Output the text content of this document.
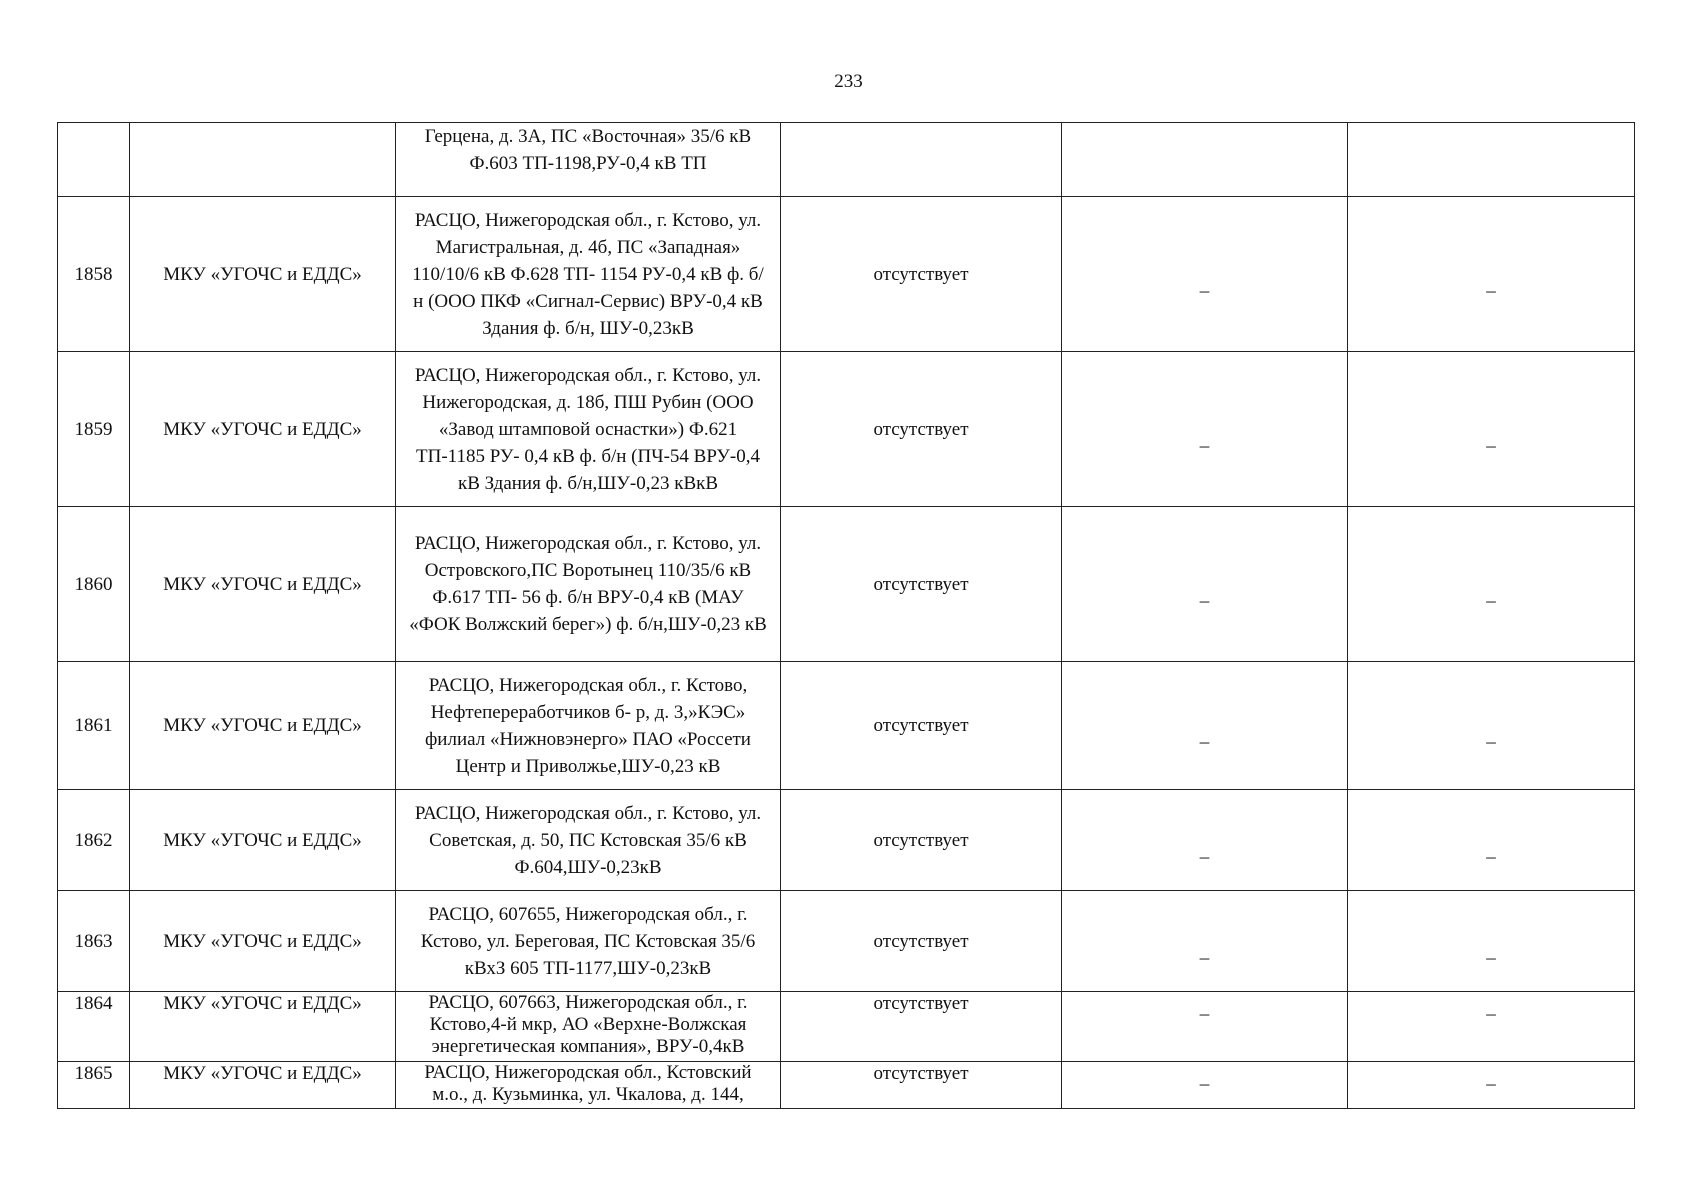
233
		Герцена, д. 3А, ПС «Восточная» 35/6 кВ Ф.603 ТП-1198,РУ-0,4 кВ ТП			
1858	МКУ «УГОЧС и ЕДДС»	РАСЦО, Нижегородская обл., г. Кстово, ул. Магистральная, д. 4б, ПС «Западная» 110/10/6 кВ Ф.628 ТП- 1154 РУ-0,4 кВ ф. б/н (ООО ПКФ «Сигнал-Сервис) ВРУ-0,4 кВ Здания ф. б/н, ШУ-0,23кВ	отсутствует	_	_
1859	МКУ «УГОЧС и ЕДДС»	РАСЦО, Нижегородская обл., г. Кстово, ул. Нижегородская, д. 18б, ПШ Рубин (ООО «Завод штамповой оснастки») Ф.621 ТП-1185 РУ- 0,4 кВ ф. б/н (ПЧ-54 ВРУ-0,4 кВ Здания ф. б/н,ШУ-0,23 кВкВ	отсутствует	_	_
1860	МКУ «УГОЧС и ЕДДС»	РАСЦО, Нижегородская обл., г. Кстово, ул. Островского,ПС Воротынец 110/35/6 кВ Ф.617 ТП- 56 ф. б/н ВРУ-0,4 кВ (МАУ «ФОК Волжский берег») ф. б/н,ШУ-0,23 кВ	отсутствует	_	_
1861	МКУ «УГОЧС и ЕДДС»	РАСЦО, Нижегородская обл., г. Кстово, Нефтепереработчиков б- р, д. 3,»КЭС» филиал «Нижновэнерго» ПАО «Россети Центр и Приволжье,ШУ-0,23 кВ	отсутствует	_	_
1862	МКУ «УГОЧС и ЕДДС»	РАСЦО, Нижегородская обл., г. Кстово, ул. Советская, д. 50, ПС Кстовская 35/6 кВ Ф.604,ШУ-0,23кВ	отсутствует	_	_
1863	МКУ «УГОЧС и ЕДДС»	РАСЦО, 607655, Нижегородская обл., г. Кстово, ул. Береговая, ПС Кстовская 35/6 кВхЗ 605 ТП-1177,ШУ-0,23кВ	отсутствует	_	_
1864	МКУ «УГОЧС и ЕДДС»	РАСЦО, 607663, Нижегородская обл., г. Кстово,4-й мкр, АО «Верхне-Волжская энергетическая компания», ВРУ-0,4кВ	отсутствует	_	_
1865	МКУ «УГОЧС и ЕДДС»	РАСЦО, Нижегородская обл., Кстовский м.о., д. Кузьминка, ул. Чкалова, д. 144,	отсутствует	_	_
